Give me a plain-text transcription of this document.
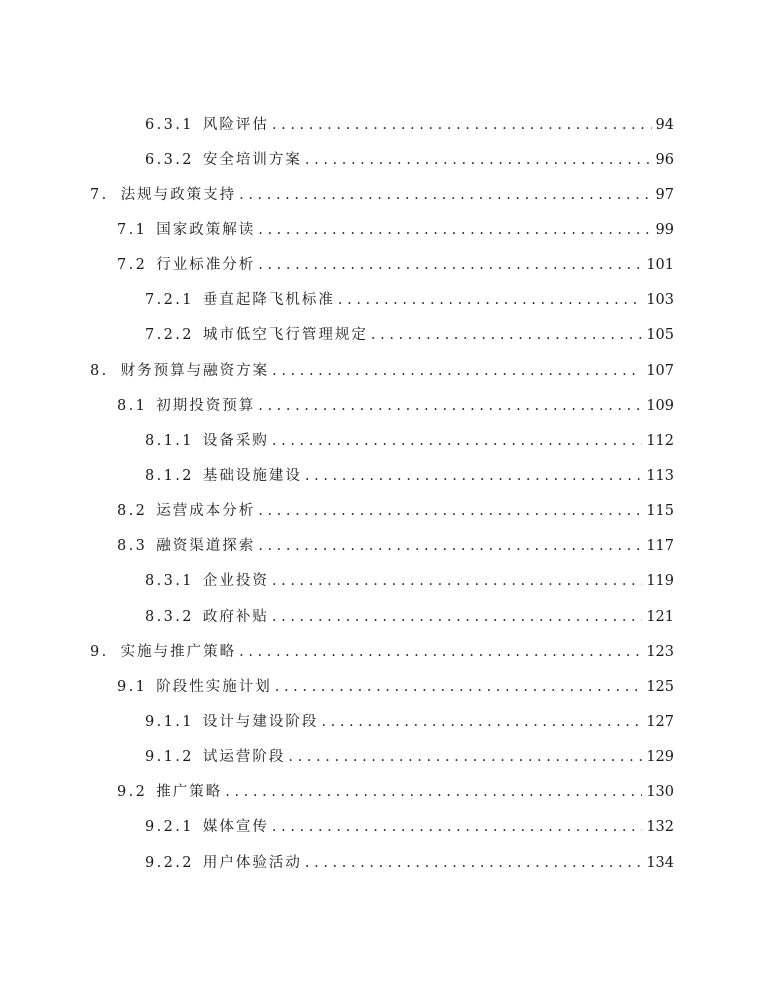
6.3.1 风险评估 .....	94
6.3.2 安全培训方案 .....	96
7. 法规与政策支持 .....	97
7.1 国家政策解读 .....	99
7.2 行业标准分析 .....	101
7.2.1 垂直起降飞机标准 .....	103
7.2.2 城市低空飞行管理规定 .....	105
8. 财务预算与融资方案 .....	107
8.1 初期投资预算 .....	109
8.1.1 设备采购 .....	112
8.1.2 基础设施建设 .....	113
8.2 运营成本分析 .....	115
8.3 融资渠道探索 .....	117
8.3.1 企业投资 .....	119
8.3.2 政府补贴 .....	121
9. 实施与推广策略 .....	123
9.1 阶段性实施计划 .....	125
9.1.1 设计与建设阶段 .....	127
9.1.2 试运营阶段 .....	129
9.2 推广策略 .....	130
9.2.1 媒体宣传 .....	132
9.2.2 用户体验活动 .....	134
